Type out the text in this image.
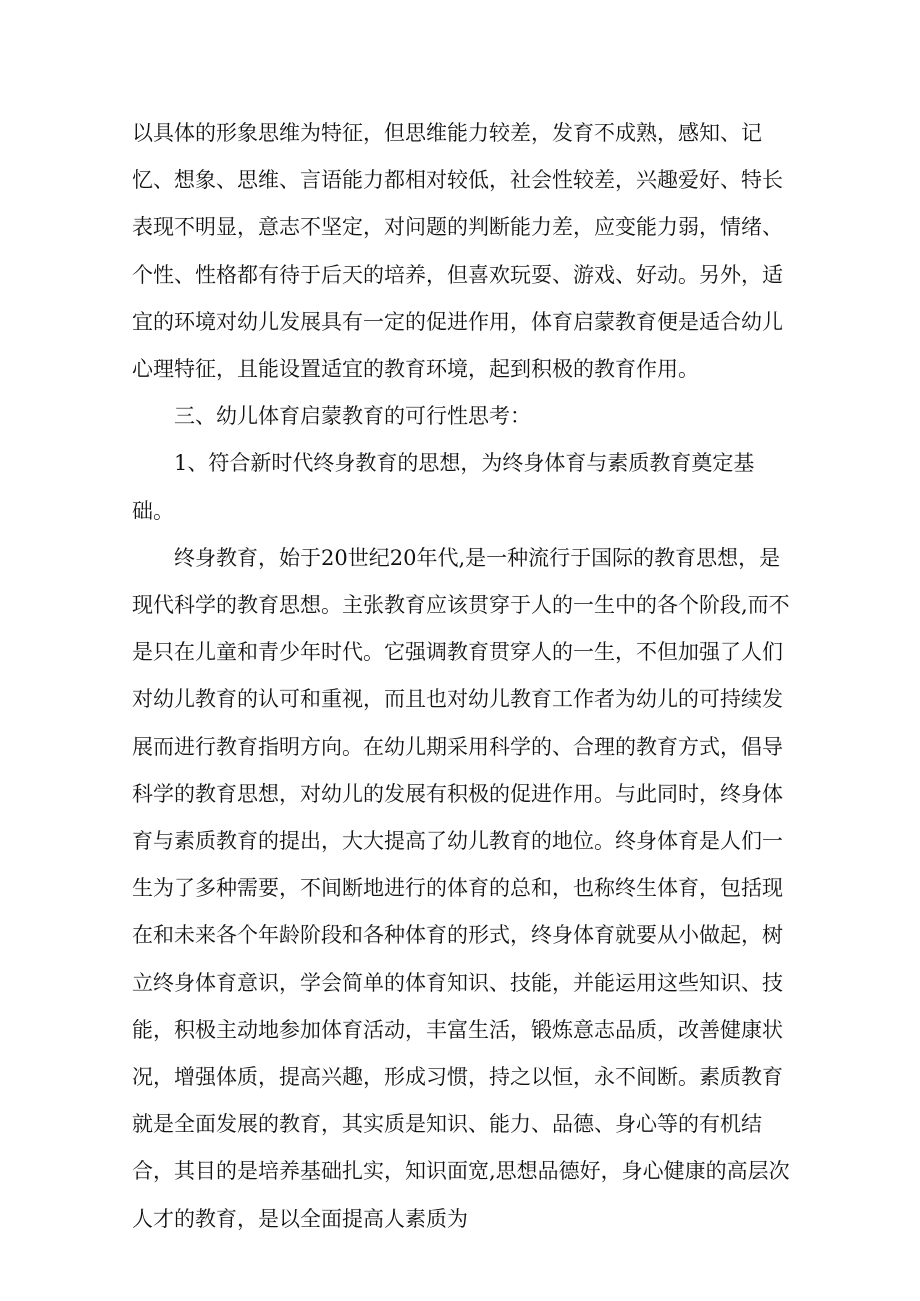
以具体的形象思维为特征，但思维能力较差，发育不成熟，感知、记忆、想象、思维、言语能力都相对较低，社会性较差，兴趣爱好、特长表现不明显，意志不坚定，对问题的判断能力差，应变能力弱，情绪、个性、性格都有待于后天的培养，但喜欢玩耍、游戏、好动。另外，适宜的环境对幼儿发展具有一定的促进作用，体育启蒙教育便是适合幼儿心理特征，且能设置适宜的教育环境，起到积极的教育作用。

三、幼儿体育启蒙教育的可行性思考：

1、符合新时代终身教育的思想，为终身体育与素质教育奠定基础。

终身教育，始于20世纪20年代,是一种流行于国际的教育思想，是现代科学的教育思想。主张教育应该贯穿于人的一生中的各个阶段,而不是只在儿童和青少年时代。它强调教育贯穿人的一生，不但加强了人们对幼儿教育的认可和重视，而且也对幼儿教育工作者为幼儿的可持续发展而进行教育指明方向。在幼儿期采用科学的、合理的教育方式，倡导科学的教育思想，对幼儿的发展有积极的促进作用。与此同时，终身体育与素质教育的提出，大大提高了幼儿教育的地位。终身体育是人们一生为了多种需要，不间断地进行的体育的总和，也称终生体育，包括现在和未来各个年龄阶段和各种体育的形式，终身体育就要从小做起，树立终身体育意识，学会简单的体育知识、技能，并能运用这些知识、技能，积极主动地参加体育活动，丰富生活，锻炼意志品质，改善健康状况，增强体质，提高兴趣，形成习惯，持之以恒，永不间断。素质教育就是全面发展的教育，其实质是知识、能力、品德、身心等的有机结合，其目的是培养基础扎实，知识面宽,思想品德好，身心健康的高层次人才的教育，是以全面提高人素质为
